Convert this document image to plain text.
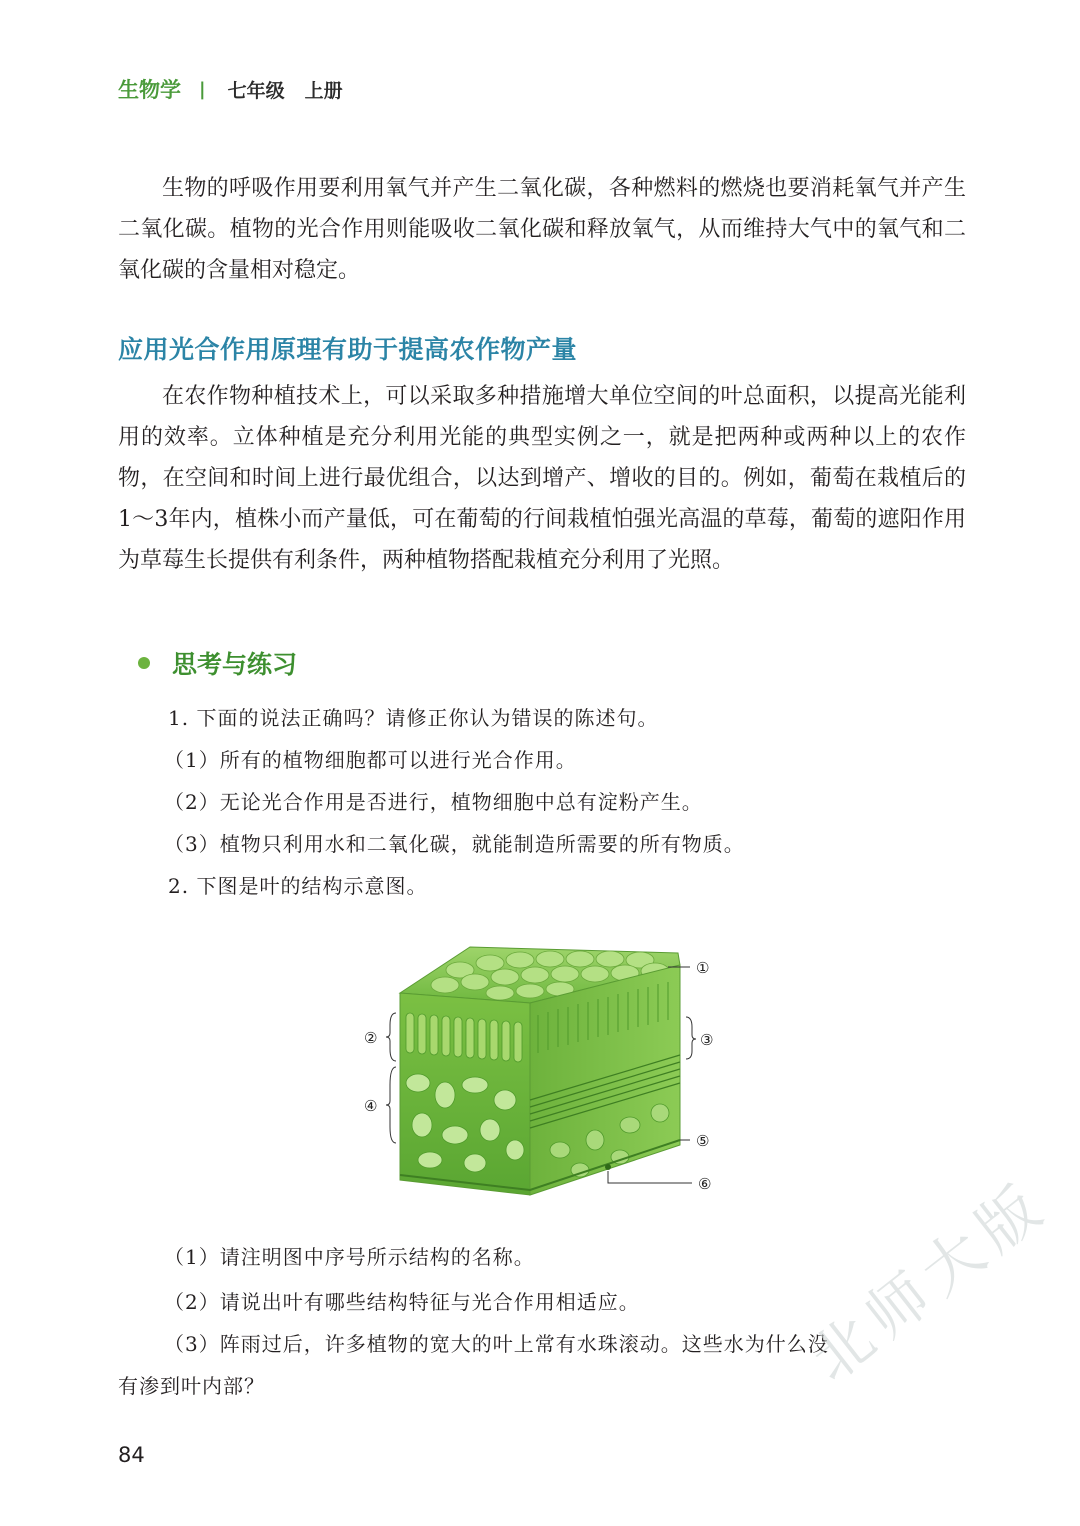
生物学 | 七年级 上册

生物的呼吸作用要利用氧气并产生二氧化碳，各种燃料的燃烧也要消耗氧气并产生二氧化碳。植物的光合作用则能吸收二氧化碳和释放氧气，从而维持大气中的氧气和二氧化碳的含量相对稳定。

应用光合作用原理有助于提高农作物产量

在农作物种植技术上，可以采取多种措施增大单位空间的叶总面积，以提高光能利用的效率。立体种植是充分利用光能的典型实例之一，就是把两种或两种以上的农作物，在空间和时间上进行最优组合，以达到增产、增收的目的。例如，葡萄在栽植后的1～3年内，植株小而产量低，可在葡萄的行间栽植怕强光高温的草莓，葡萄的遮阳作用为草莓生长提供有利条件，两种植物搭配栽植充分利用了光照。

思考与练习

1. 下面的说法正确吗？请修正你认为错误的陈述句。

（1）所有的植物细胞都可以进行光合作用。

（2）无论光合作用是否进行，植物细胞中总有淀粉产生。

（3）植物只利用水和二氧化碳，就能制造所需要的所有物质。

2. 下图是叶的结构示意图。

①
②	③
④
⑤
⑥

（1）请注明图中序号所示结构的名称。

（2）请说出叶有哪些结构特征与光合作用相适应。

（3）阵雨过后，许多植物的宽大的叶上常有水珠滚动。这些水为什么没

有渗到叶内部？

84
北师大版
